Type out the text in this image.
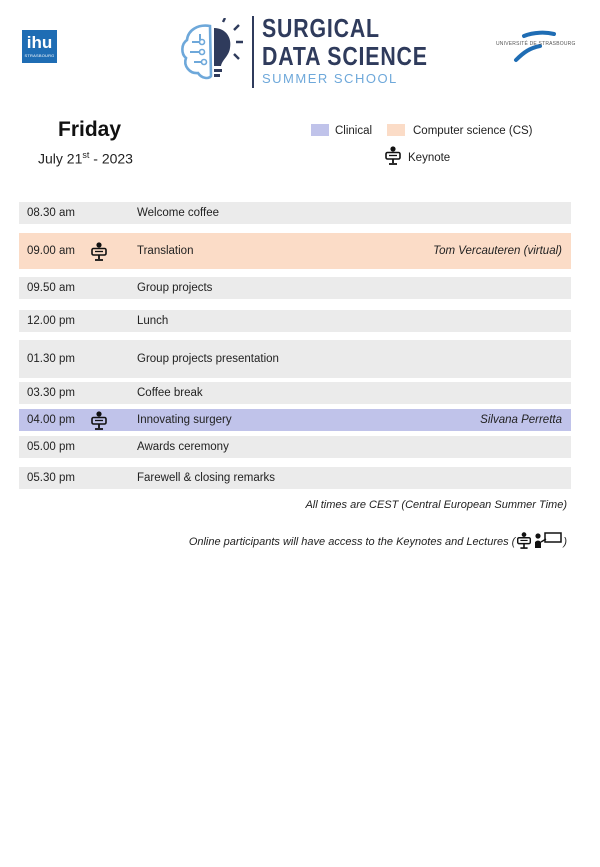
ihu
STRASBOURG
SURGICAL
DATA SCIENCE
SUMMER SCHOOL
UNIVERSITÉ DE STRASBOURG
Friday
July 21st - 2023
Clinical	Computer science (CS)
Keynote
08.30 am	Welcome coffee
09.00 am	Translation	Tom Vercauteren (virtual)
09.50 am	Group projects
12.00 pm	Lunch
01.30 pm	Group projects presentation
03.30 pm	Coffee break
04.00 pm	Innovating surgery	Silvana Perretta
05.00 pm	Awards ceremony
05.30 pm	Farewell & closing remarks
All times are CEST (Central European Summer Time)
Online participants will have access to the Keynotes and Lectures (	)
